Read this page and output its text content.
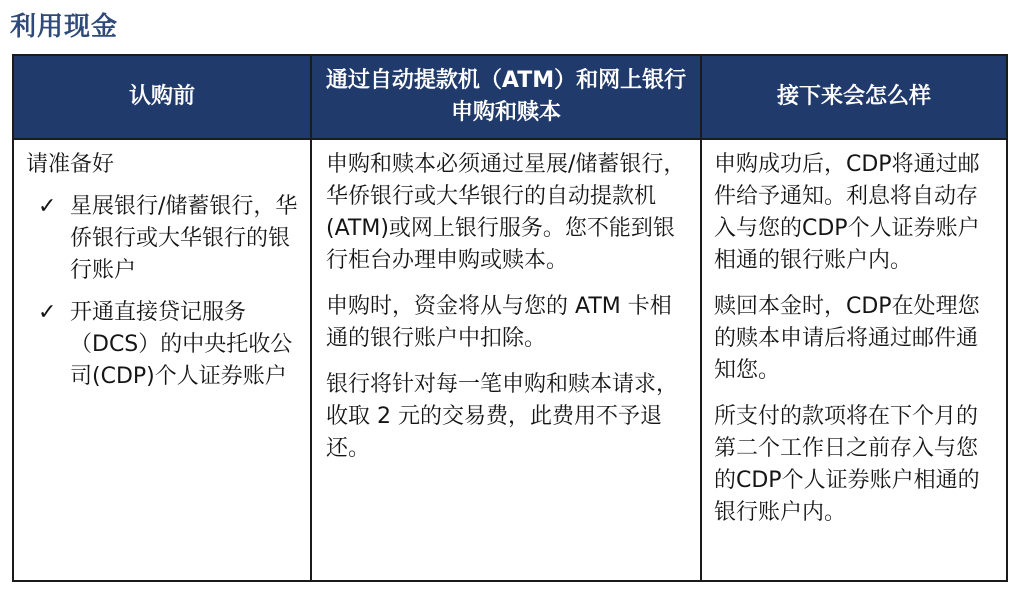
利用现金
认购前
通过自动提款机（ATM）和网上银行申购和赎本
接下来会怎么样
请准备好
✓ 星展银行/储蓄银行，华侨银行或大华银行的银行账户
✓ 开通直接贷记服务（DCS）的中央托收公司(CDP)个人证券账户

申购和赎本必须通过星展/储蓄银行，华侨银行或大华银行的自动提款机(ATM)或网上银行服务。您不能到银行柜台办理申购或赎本。

申购时，资金将从与您的 ATM 卡相通的银行账户中扣除。

银行将针对每一笔申购和赎本请求，收取 2 元的交易费，此费用不予退还。

申购成功后，CDP将通过邮件给予通知。利息将自动存入与您的CDP个人证券账户相通的银行账户内。

赎回本金时，CDP在处理您的赎本申请后将通过邮件通知您。

所支付的款项将在下个月的第二个工作日之前存入与您的CDP个人证券账户相通的银行账户内。
